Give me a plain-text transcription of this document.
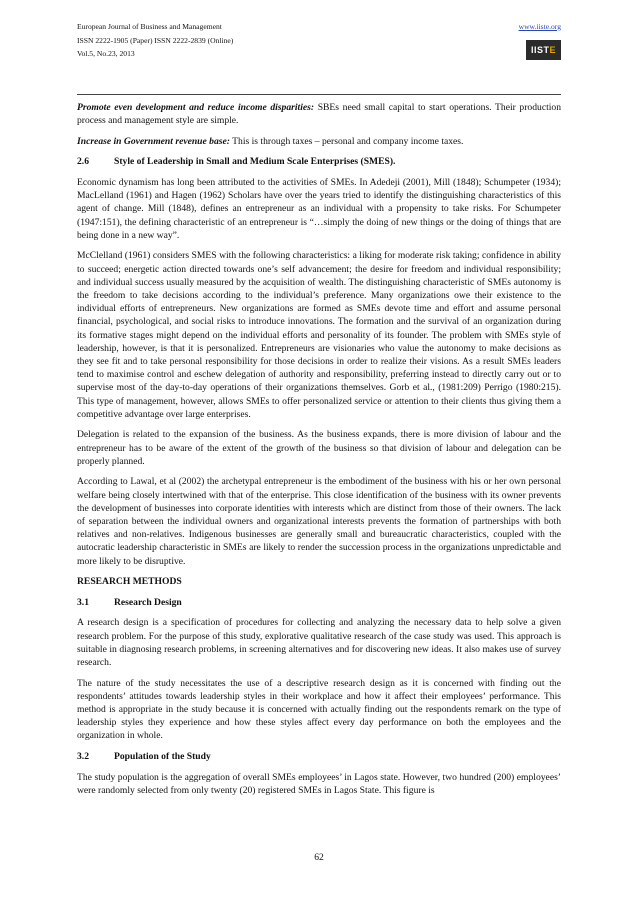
European Journal of Business and Management
ISSN 2222-1905 (Paper) ISSN 2222-2839 (Online)
Vol.5, No.23, 2013
www.iiste.org
IISTE

Promote even development and reduce income disparities: SBEs need small capital to start operations. Their production process and management style are simple.

Increase in Government revenue base: This is through taxes – personal and company income taxes.

2.6	Style of Leadership in Small and Medium Scale Enterprises (SMES).

Economic dynamism has long been attributed to the activities of SMEs. In Adedeji (2001), Mill (1848); Schumpeter (1934); MacLelland (1961) and Hagen (1962) Scholars have over the years tried to identify the distinguishing characteristics of this agent of change. Mill (1848), defines an entrepreneur as an individual with a propensity to take risks. For Schumpeter (1947:151), the defining characteristic of an entrepreneur is “…simply the doing of new things or the doing of things that are being done in a new way”.

McClelland (1961) considers SMES with the following characteristics: a liking for moderate risk taking; confidence in ability to succeed; energetic action directed towards one’s self advancement; the desire for freedom and individual responsibility; and individual success usually measured by the acquisition of wealth. The distinguishing characteristic of SMEs autonomy is the freedom to take decisions according to the individual’s preference. Many organizations owe their existence to the individual efforts of entrepreneurs. New organizations are formed as SMEs devote time and effort and assume personal financial, psychological, and social risks to introduce innovations. The formation and the survival of an organization during its formative stages might depend on the individual efforts and personality of its founder. The problem with SMEs style of leadership, however, is that it is personalized. Entrepreneurs are visionaries who value the autonomy to make decisions as they see fit and to take personal responsibility for those decisions in order to realize their visions. As a result SMEs leaders tend to maximise control and eschew delegation of authority and responsibility, preferring instead to directly carry out or to supervise most of the day-to-day operations of their organizations themselves. Gorb et al., (1981:209) Perrigo (1980:215). This type of management, however, allows SMEs to offer personalized service or attention to their clients thus giving them a competitive advantage over large enterprises.

Delegation is related to the expansion of the business. As the business expands, there is more division of labour and the entrepreneur has to be aware of the extent of the growth of the business so that division of labour and delegation can be properly planned.

According to Lawal, et al (2002) the archetypal entrepreneur is the embodiment of the business with his or her own personal welfare being closely intertwined with that of the enterprise. This close identification of the business with its owner prevents the development of businesses into corporate identities with interests which are distinct from those of their owners. The lack of separation between the individual owners and organizational interests prevents the formation of partnerships with both relatives and non-relatives. Indigenous businesses are generally small and bureaucratic characteristics, coupled with the autocratic leadership characteristic in SMEs are likely to render the succession process in the organizations unpredictable and more likely to be disruptive.

RESEARCH METHODS
3.1	Research Design

A research design is a specification of procedures for collecting and analyzing the necessary data to help solve a given research problem. For the purpose of this study, explorative qualitative research of the case study was used. This approach is suitable in diagnosing research problems, in screening alternatives and for discovering new ideas. It also makes use of survey research.

The nature of the study necessitates the use of a descriptive research design as it is concerned with finding out the respondents’ attitudes towards leadership styles in their workplace and how it affect their employees’ performance. This method is appropriate in the study because it is concerned with actually finding out the respondents remark on the type of leadership styles they experience and how these styles affect every day performance on both the employees and the organization in whole.

3.2	Population of the Study

The study population is the aggregation of overall SMEs employees’ in Lagos state. However, two hundred (200) employees’ were randomly selected from only twenty (20) registered SMEs in Lagos State. This figure is

62
